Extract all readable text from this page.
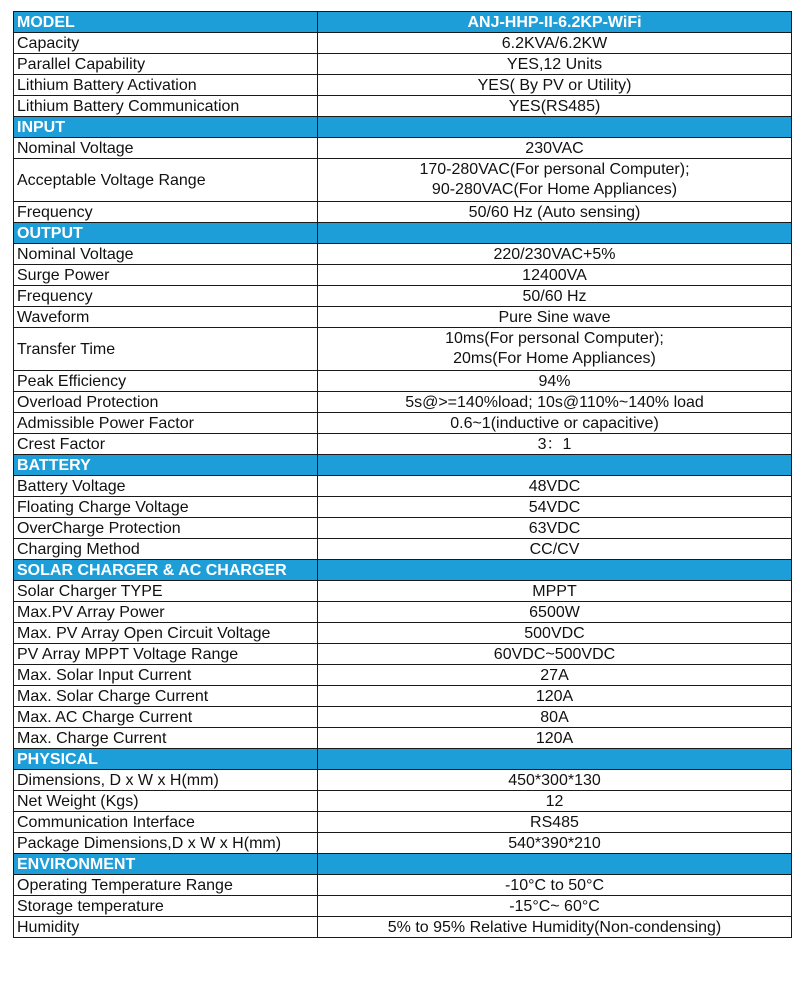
MODEL	ANJ-HHP-II-6.2KP-WiFi
Capacity	6.2KVA/6.2KW
Parallel Capability	YES,12 Units
Lithium Battery Activation	YES( By PV or Utility)
Lithium Battery Communication	YES(RS485)
INPUT	
Nominal Voltage	230VAC
Acceptable Voltage Range	170-280VAC(For personal Computer);
90-280VAC(For Home Appliances)

Frequency	50/60 Hz (Auto sensing)
OUTPUT	
Nominal Voltage	220/230VAC+5%
Surge Power	12400VA
Frequency	50/60 Hz
Waveform	Pure Sine wave
Transfer Time	10ms(For personal Computer);
20ms(For Home Appliances)

Peak Efficiency	94%
Overload Protection	5s@>=140%load; 10s@110%~140% load
Admissible Power Factor	0.6~1(inductive or capacitive)
Crest Factor	3：1
BATTERY	
Battery Voltage	48VDC
Floating Charge Voltage	54VDC
OverCharge Protection	63VDC
Charging Method	CC/CV
SOLAR CHARGER & AC CHARGER	
Solar Charger TYPE	MPPT
Max.PV Array Power	6500W
Max. PV Array Open Circuit Voltage	500VDC
PV Array MPPT Voltage Range	60VDC~500VDC
Max. Solar Input Current	27A
Max. Solar Charge Current	120A
Max. AC Charge Current	80A
Max. Charge Current	120A
PHYSICAL	
Dimensions, D x W x H(mm)	450*300*130
Net Weight (Kgs)	12
Communication Interface	RS485
Package Dimensions,D x W x H(mm)	540*390*210
ENVIRONMENT	
Operating Temperature Range	-10°C to 50°C
Storage temperature	-15°C~ 60°C
Humidity	5% to 95% Relative Humidity(Non-condensing)
